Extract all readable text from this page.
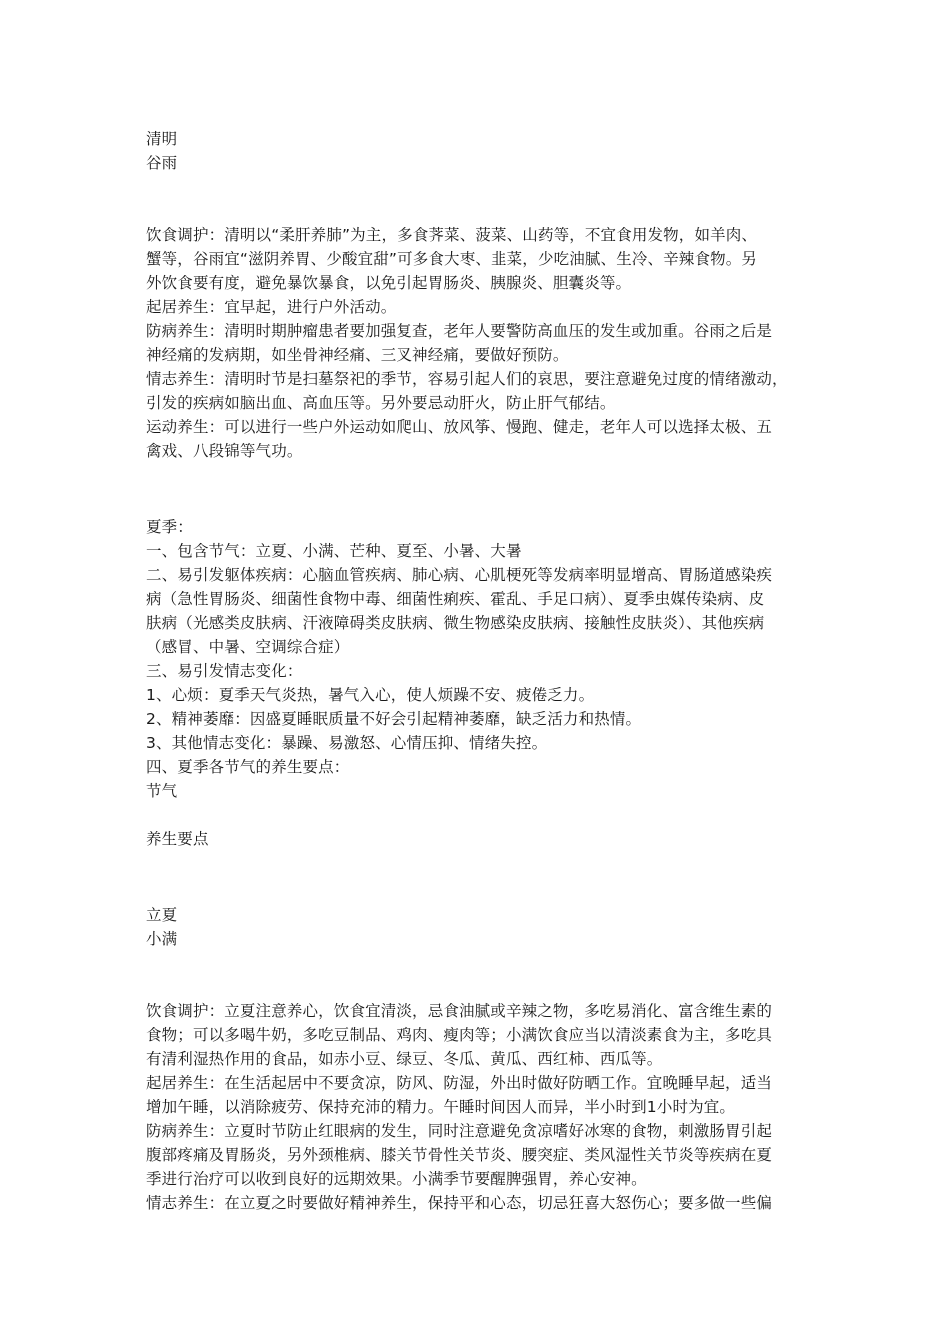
清明
谷雨
饮食调护：清明以“柔肝养肺”为主，多食荠菜、菠菜、山药等，不宜食用发物，如羊肉、
蟹等，谷雨宜“滋阴养胃、少酸宜甜”可多食大枣、韭菜，少吃油腻、生冷、辛辣食物。另
外饮食要有度，避免暴饮暴食，以免引起胃肠炎、胰腺炎、胆囊炎等。
起居养生：宜早起，进行户外活动。
防病养生：清明时期肿瘤患者要加强复查，老年人要警防高血压的发生或加重。谷雨之后是
神经痛的发病期，如坐骨神经痛、三叉神经痛，要做好预防。
情志养生：清明时节是扫墓祭祀的季节，容易引起人们的哀思，要注意避免过度的情绪激动，
引发的疾病如脑出血、高血压等。另外要忌动肝火，防止肝气郁结。
运动养生：可以进行一些户外运动如爬山、放风筝、慢跑、健走，老年人可以选择太极、五
禽戏、八段锦等气功。
夏季：
一、包含节气：立夏、小满、芒种、夏至、小暑、大暑
二、易引发躯体疾病：心脑血管疾病、肺心病、心肌梗死等发病率明显增高、胃肠道感染疾
病（急性胃肠炎、细菌性食物中毒、细菌性痢疾、霍乱、手足口病）、夏季虫媒传染病、皮
肤病（光感类皮肤病、汗液障碍类皮肤病、微生物感染皮肤病、接触性皮肤炎）、其他疾病
（感冒、中暑、空调综合症）
三、易引发情志变化：
1、心烦：夏季天气炎热，暑气入心，使人烦躁不安、疲倦乏力。
2、精神萎靡：因盛夏睡眠质量不好会引起精神萎靡，缺乏活力和热情。
3、其他情志变化：暴躁、易激怒、心情压抑、情绪失控。
四、夏季各节气的养生要点：
节气
养生要点
立夏
小满
饮食调护：立夏注意养心，饮食宜清淡，忌食油腻或辛辣之物，多吃易消化、富含维生素的
食物；可以多喝牛奶，多吃豆制品、鸡肉、瘦肉等；小满饮食应当以清淡素食为主，多吃具
有清利湿热作用的食品，如赤小豆、绿豆、冬瓜、黄瓜、西红柿、西瓜等。
起居养生：在生活起居中不要贪凉，防风、防湿，外出时做好防晒工作。宜晚睡早起，适当
增加午睡，以消除疲劳、保持充沛的精力。午睡时间因人而异，半小时到1小时为宜。
防病养生：立夏时节防止红眼病的发生，同时注意避免贪凉嗜好冰寒的食物，刺激肠胃引起
腹部疼痛及胃肠炎，另外颈椎病、膝关节骨性关节炎、腰突症、类风湿性关节炎等疾病在夏
季进行治疗可以收到良好的远期效果。小满季节要醒脾强胃，养心安神。
情志养生：在立夏之时要做好精神养生，保持平和心态，切忌狂喜大怒伤心；要多做一些偏
